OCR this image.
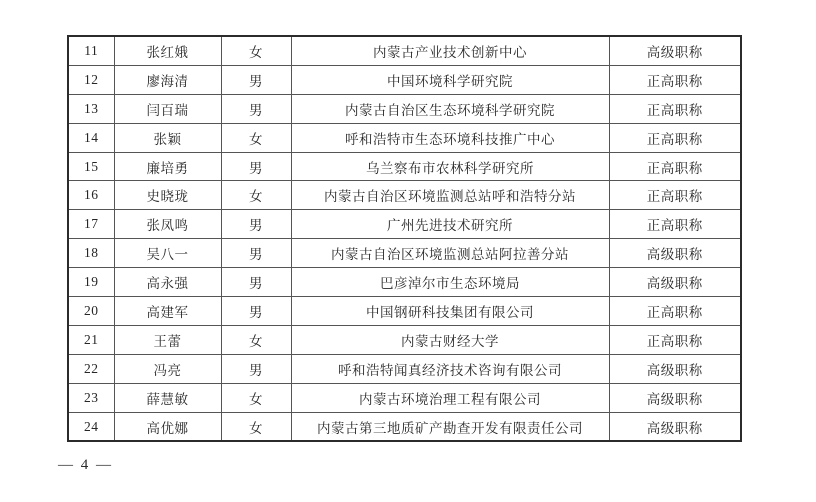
11	张红娥	女	内蒙古产业技术创新中心	高级职称
12	廖海清	男	中国环境科学研究院	正高职称
13	闫百瑞	男	内蒙古自治区生态环境科学研究院	正高职称
14	张颖	女	呼和浩特市生态环境科技推广中心	正高职称
15	廉培勇	男	乌兰察布市农林科学研究所	正高职称
16	史晓珑	女	内蒙古自治区环境监测总站呼和浩特分站	正高职称
17	张凤鸣	男	广州先进技术研究所	正高职称
18	吴八一	男	内蒙古自治区环境监测总站阿拉善分站	高级职称
19	高永强	男	巴彦淖尔市生态环境局	高级职称
20	高建军	男	中国钢研科技集团有限公司	正高职称
21	王蕾	女	内蒙古财经大学	正高职称
22	冯亮	男	呼和浩特闻真经济技术咨询有限公司	高级职称
23	薛慧敏	女	内蒙古环境治理工程有限公司	高级职称
24	高优娜	女	内蒙古第三地质矿产勘查开发有限责任公司	高级职称
— 4 —
